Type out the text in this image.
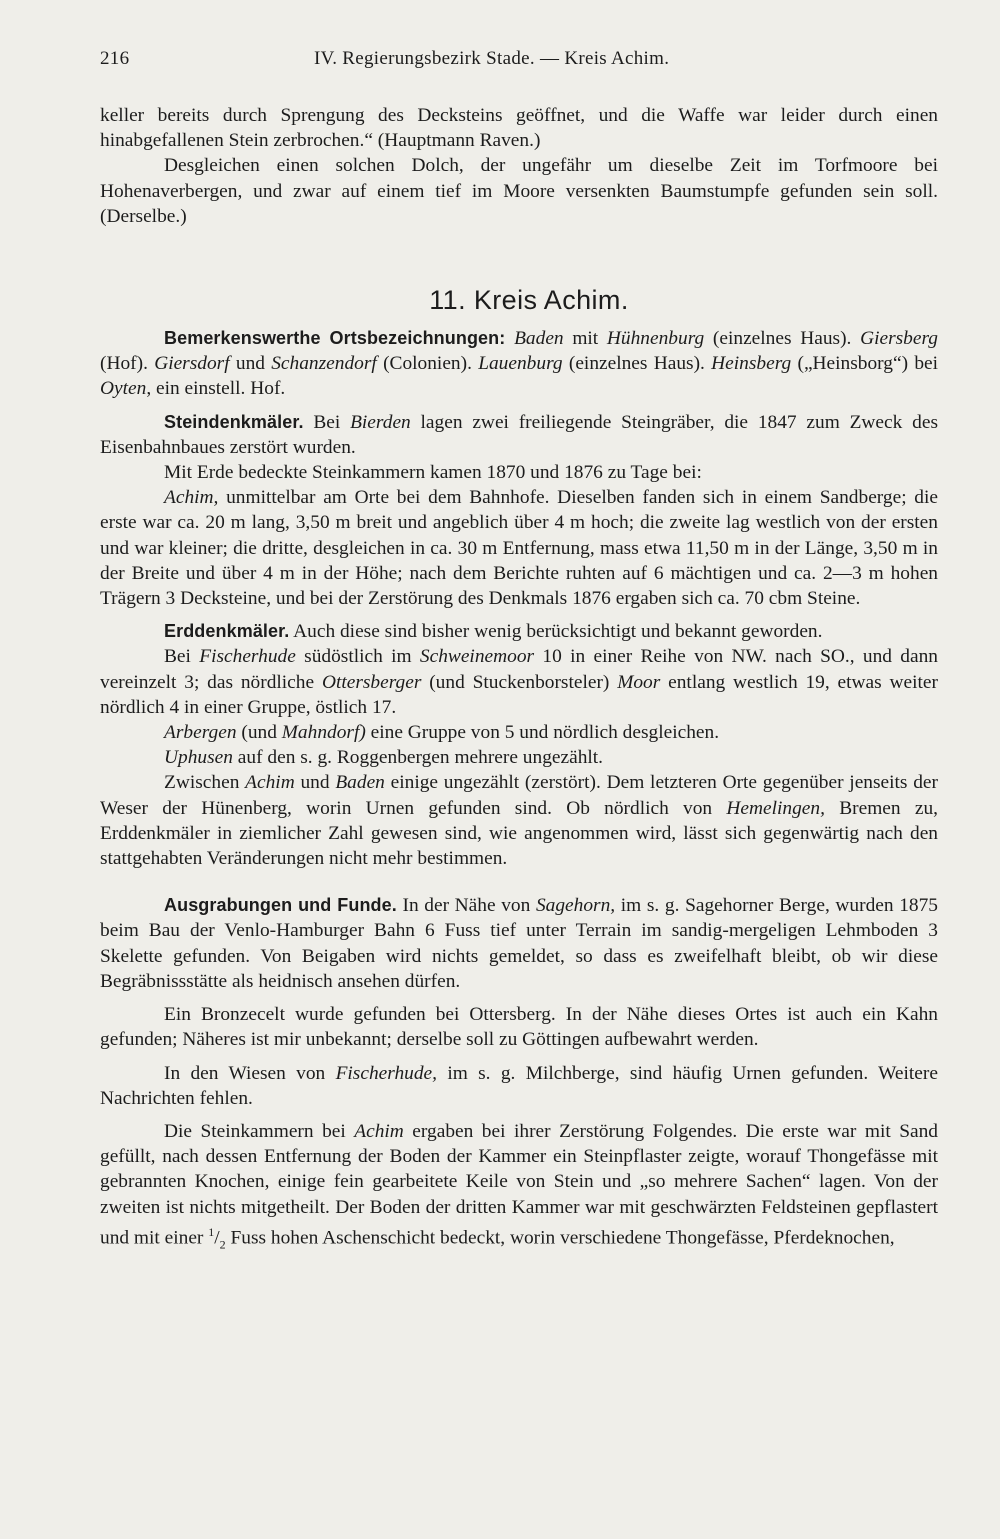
216	IV. Regierungsbezirk Stade. — Kreis Achim.

keller bereits durch Sprengung des Decksteins geöffnet, und die Waffe war leider durch einen hinabgefallenen Stein zerbrochen.“ (Hauptmann Raven.)

Desgleichen einen solchen Dolch, der ungefähr um dieselbe Zeit im Torfmoore bei Hohenaverbergen, und zwar auf einem tief im Moore versenkten Baumstumpfe gefunden sein soll. (Derselbe.)

11. Kreis Achim.

Bemerkenswerthe Ortsbezeichnungen: Baden mit Hühnenburg (einzelnes Haus). Giersberg (Hof). Giersdorf und Schanzendorf (Colonien). Lauenburg (einzelnes Haus). Heinsberg („Heinsborg“) bei Oyten, ein einstell. Hof.

Steindenkmäler. Bei Bierden lagen zwei freiliegende Steingräber, die 1847 zum Zweck des Eisenbahnbaues zerstört wurden.

Mit Erde bedeckte Steinkammern kamen 1870 und 1876 zu Tage bei:

Achim, unmittelbar am Orte bei dem Bahnhofe. Dieselben fanden sich in einem Sandberge; die erste war ca. 20 m lang, 3,50 m breit und angeblich über 4 m hoch; die zweite lag westlich von der ersten und war kleiner; die dritte, desgleichen in ca. 30 m Entfernung, mass etwa 11,50 m in der Länge, 3,50 m in der Breite und über 4 m in der Höhe; nach dem Berichte ruhten auf 6 mächtigen und ca. 2—3 m hohen Trägern 3 Decksteine, und bei der Zerstörung des Denkmals 1876 ergaben sich ca. 70 cbm Steine.

Erddenkmäler. Auch diese sind bisher wenig berücksichtigt und bekannt geworden.

Bei Fischerhude südöstlich im Schweinemoor 10 in einer Reihe von NW. nach SO., und dann vereinzelt 3; das nördliche Ottersberger (und Stuckenborsteler) Moor entlang westlich 19, etwas weiter nördlich 4 in einer Gruppe, östlich 17.

Arbergen (und Mahndorf) eine Gruppe von 5 und nördlich desgleichen.

Uphusen auf den s. g. Roggenbergen mehrere ungezählt.

Zwischen Achim und Baden einige ungezählt (zerstört). Dem letzteren Orte gegenüber jenseits der Weser der Hünenberg, worin Urnen gefunden sind. Ob nördlich von Hemelingen, Bremen zu, Erddenkmäler in ziemlicher Zahl gewesen sind, wie angenommen wird, lässt sich gegenwärtig nach den stattgehabten Veränderungen nicht mehr bestimmen.

Ausgrabungen und Funde. In der Nähe von Sagehorn, im s. g. Sagehorner Berge, wurden 1875 beim Bau der Venlo-Hamburger Bahn 6 Fuss tief unter Terrain im sandig-mergeligen Lehmboden 3 Skelette gefunden. Von Beigaben wird nichts gemeldet, so dass es zweifelhaft bleibt, ob wir diese Begräbnissstätte als heidnisch ansehen dürfen.

Ein Bronzecelt wurde gefunden bei Ottersberg. In der Nähe dieses Ortes ist auch ein Kahn gefunden; Näheres ist mir unbekannt; derselbe soll zu Göttingen aufbewahrt werden.

In den Wiesen von Fischerhude, im s. g. Milchberge, sind häufig Urnen gefunden. Weitere Nachrichten fehlen.

Die Steinkammern bei Achim ergaben bei ihrer Zerstörung Folgendes. Die erste war mit Sand gefüllt, nach dessen Entfernung der Boden der Kammer ein Steinpflaster zeigte, worauf Thongefässe mit gebrannten Knochen, einige fein gearbeitete Keile von Stein und „so mehrere Sachen“ lagen. Von der zweiten ist nichts mitgetheilt. Der Boden der dritten Kammer war mit geschwärzten Feldsteinen gepflastert und mit einer $^1/_2$ Fuss hohen Aschenschicht bedeckt, worin verschiedene Thongefässe, Pferdeknochen,
